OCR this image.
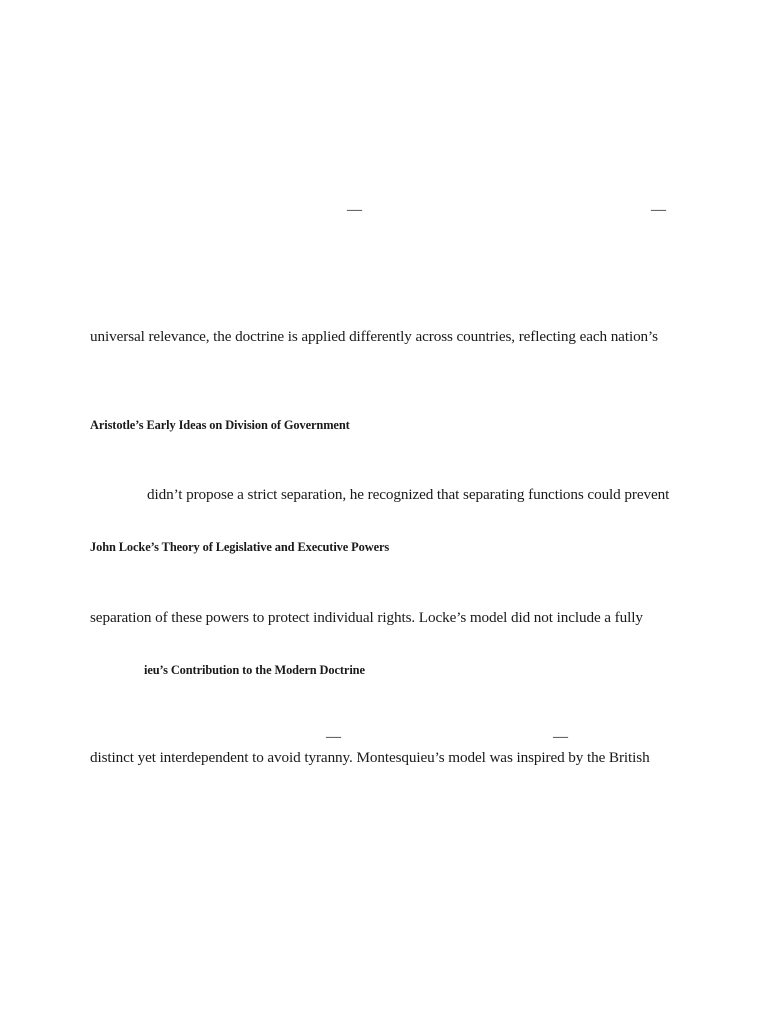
—	—
universal relevance, the doctrine is applied differently across countries, reflecting each nation’s
Aristotle’s Early Ideas on Division of Government
didn’t propose a strict separation, he recognized that separating functions could prevent
John Locke’s Theory of Legislative and Executive Powers
separation of these powers to protect individual rights. Locke’s model did not include a fully
ieu’s Contribution to the Modern Doctrine
—	—
distinct yet interdependent to avoid tyranny. Montesquieu’s model was inspired by the British
